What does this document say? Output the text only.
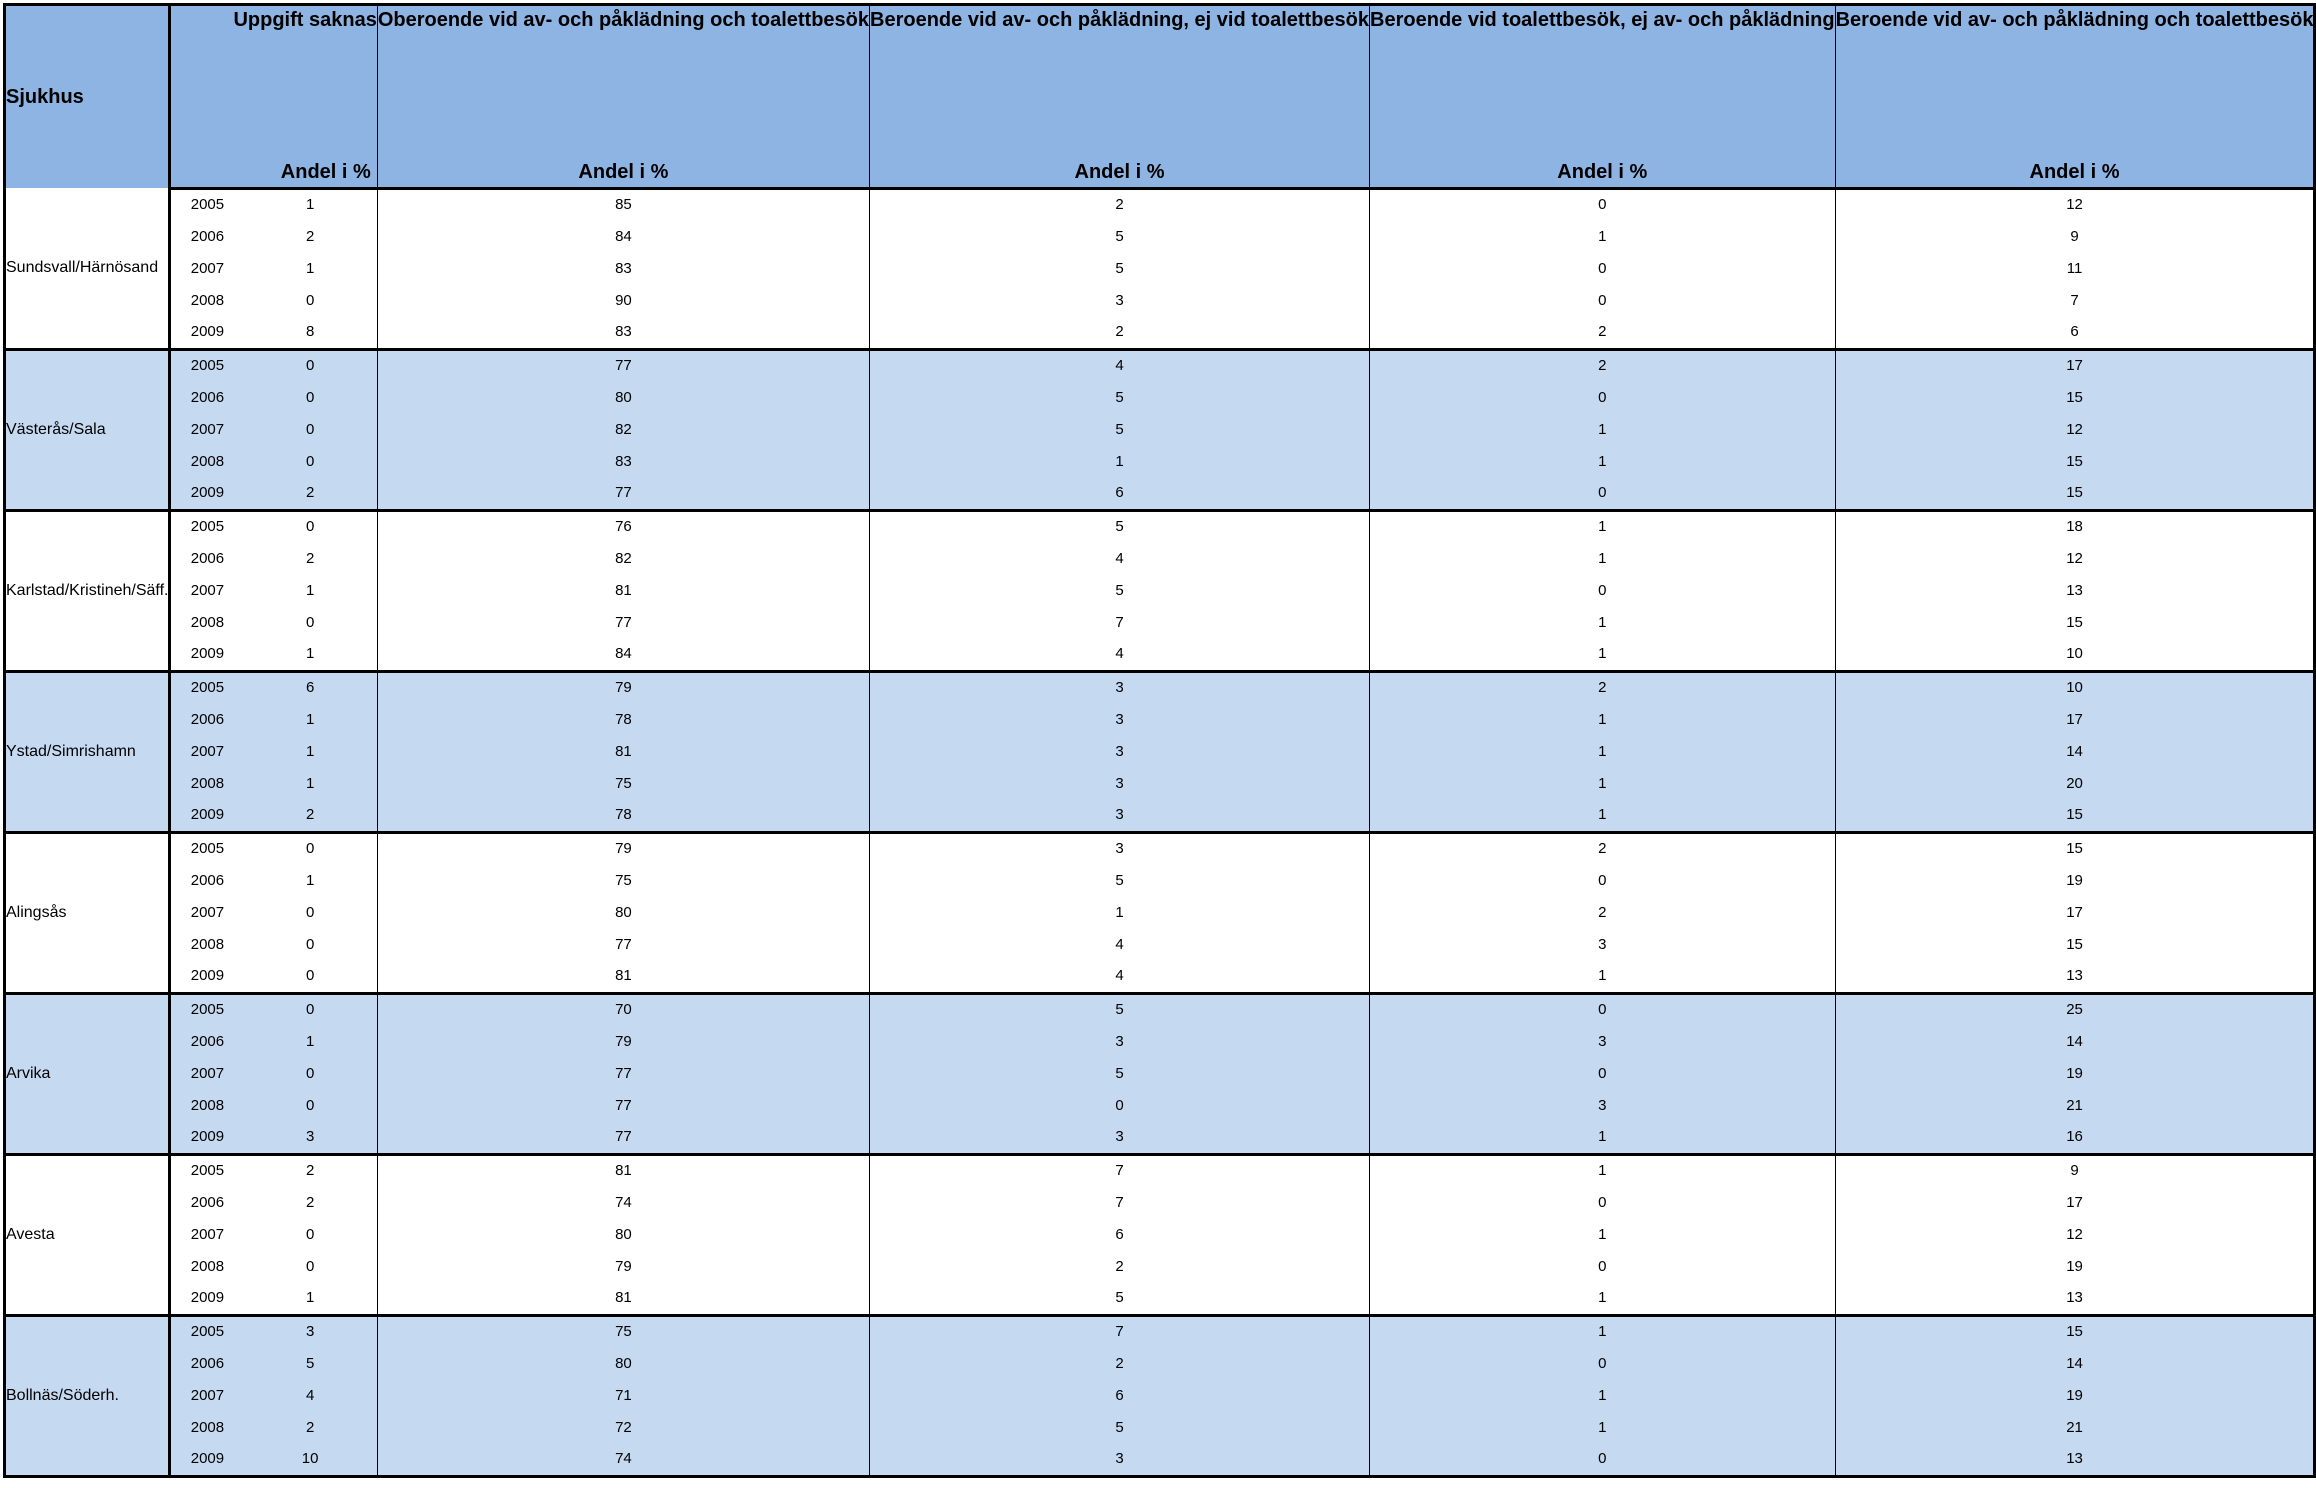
Sjukhus	Uppgift saknas		Oberoende vid av- och påklädning och toalettbesök	Beroende vid av- och påklädning, ej vid toalettbesök	Beroende vid toalettbesök, ej av- och påklädning	Beroende vid av- och påklädning och toalettbesök
	Andel i %		Andel i %	Andel i %	Andel i %	Andel i %
Sundsvall/Härnösand	2005	1	85	2	0	12
	2006	2	84	5	1	9
	2007	1	83	5	0	11
	2008	0	90	3	0	7
	2009	8	83	2	2	6
Västerås/Sala	2005	0	77	4	2	17
	2006	0	80	5	0	15
	2007	0	82	5	1	12
	2008	0	83	1	1	15
	2009	2	77	6	0	15
Karlstad/Kristineh/Säff.	2005	0	76	5	1	18
	2006	2	82	4	1	12
	2007	1	81	5	0	13
	2008	0	77	7	1	15
	2009	1	84	4	1	10
Ystad/Simrishamn	2005	6	79	3	2	10
	2006	1	78	3	1	17
	2007	1	81	3	1	14
	2008	1	75	3	1	20
	2009	2	78	3	1	15
Alingsås	2005	0	79	3	2	15
	2006	1	75	5	0	19
	2007	0	80	1	2	17
	2008	0	77	4	3	15
	2009	0	81	4	1	13
Arvika	2005	0	70	5	0	25
	2006	1	79	3	3	14
	2007	0	77	5	0	19
	2008	0	77	0	3	21
	2009	3	77	3	1	16
Avesta	2005	2	81	7	1	9
	2006	2	74	7	0	17
	2007	0	80	6	1	12
	2008	0	79	2	0	19
	2009	1	81	5	1	13
Bollnäs/Söderh.	2005	3	75	7	1	15
	2006	5	80	2	0	14
	2007	4	71	6	1	19
	2008	2	72	5	1	21
	2009	10	74	3	0	13
